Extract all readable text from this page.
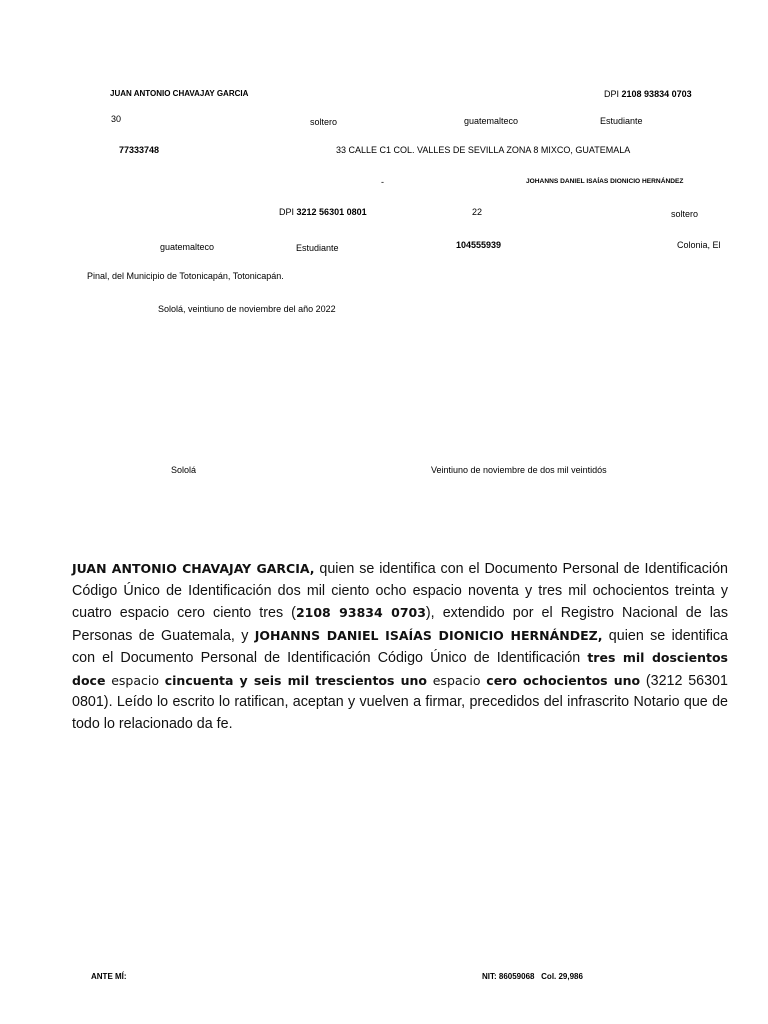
JUAN ANTONIO CHAVAJAY GARCIA	DPI 2108 93834 0703
30	soltero	guatemalteco	Estudiante
77333748	33 CALLE C1 COL. VALLES DE SEVILLA ZONA 8 MIXCO, GUATEMALA
-	JOHANNS DANIEL ISAÍAS DIONICIO HERNÁNDEZ
DPI 3212 56301 0801	22	soltero
guatemalteco	Estudiante	104555939	Colonia, El
Pinal, del Municipio de Totonicapán, Totonicapán.
Sololá, veintiuno de noviembre del año 2022
Sololá	Veintiuno de noviembre de dos mil veintidós
JUAN ANTONIO CHAVAJAY GARCIA, quien se identifica con el Documento Personal de Identificación Código Único de Identificación dos mil ciento ocho espacio noventa y tres mil ochocientos treinta y cuatro espacio cero ciento tres (2108 93834 0703), extendido por el Registro Nacional de las Personas de Guatemala, y JOHANNS DANIEL ISAÍAS DIONICIO HERNÁNDEZ, quien se identifica con el Documento Personal de Identificación Código Único de Identificación tres mil doscientos doce espacio cincuenta y seis mil trescientos uno espacio cero ochocientos uno (3212 56301 0801). Leído lo escrito lo ratifican, aceptan y vuelven a firmar, precedidos del infrascrito Notario que de todo lo relacionado da fe.
ANTE MÍ:	NIT: 86059068   Col. 29,986
